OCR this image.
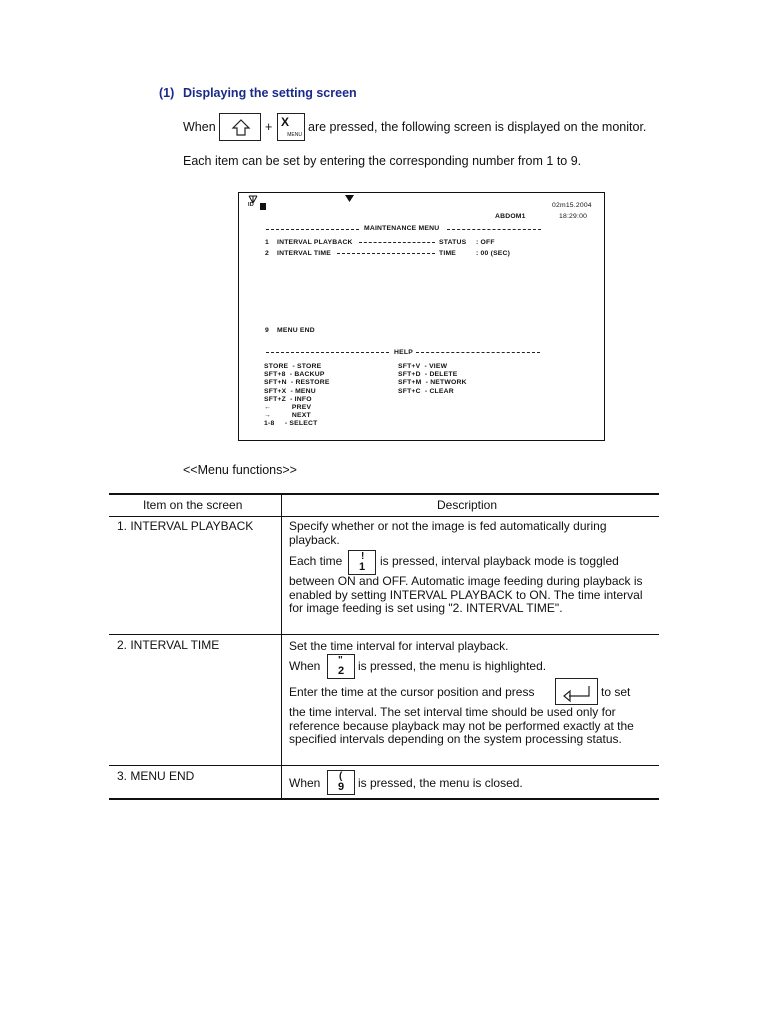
(1) Displaying the setting screen
When	+ X
MENU
are pressed, the following screen is displayed on the monitor.
Each item can be set by entering the corresponding number from 1 to 9.
ID	02m15.2004
ABDOM1	18:29:00
MAINTENANCE MENU
1 INTERVAL PLAYBACK	STATUS : OFF
2 INTERVAL TIME	TIME	: 00 (SEC)
9 MENU END
HELP
STORE  - STORE
SFT+8  - BACKUP
SFT+N  - RESTORE
SFT+X  - MENU
SFT+Z  - INFO
←          PREV
→          NEXT
1-8     - SELECT
SFT+V  - VIEW
SFT+D  - DELETE
SFT+M  - NETWORK
SFT+C  - CLEAR
<<Menu functions>>
Item on the screen	Description
1. INTERVAL PLAYBACK	Specify whether or not the image is fed automatically during playback.
Each time !
1 is pressed, interval playback mode is toggled
between ON and OFF. Automatic image feeding during playback is enabled by setting INTERVAL PLAYBACK to ON. The time interval for image feeding is set using "2. INTERVAL TIME".
2. INTERVAL TIME	Set the time interval for interval playback.
When "
2 is pressed, the menu is highlighted.
Enter the time at the cursor position and press	to set
the time interval. The set interval time should be used only for reference because playback may not be performed exactly at the specified intervals depending on the system processing status.
3. MENU END	When (
9 is pressed, the menu is closed.
